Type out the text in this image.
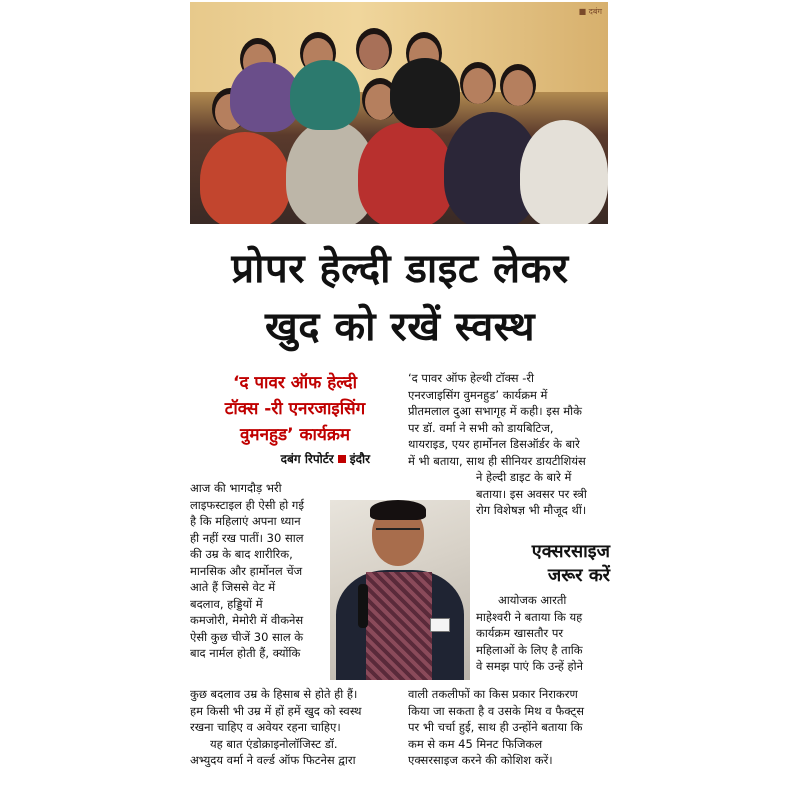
■ दबंग
प्रोपर हेल्दी डाइट लेकर
खुद को रखें स्वस्थ
‘द पावर ऑफ हेल्दी
टॉक्स -री एनरजाइसिंग
वुमनहुड’ कार्यक्रम
दबंग रिपोर्टर इंदौर

आज की भागदौड़ भरी

लाइफस्टाइल ही ऐसी हो गई

है कि महिलाएं अपना ध्यान

ही नहीं रख पातीं। 30 साल

की उम्र के बाद शारीरिक,

मानसिक और हार्मोनल चेंज

आते हैं जिससे वेट में

बदलाव, हड्डियों में

कमजोरी, मेमोरी में वीकनेस

ऐसी कुछ चीजें 30 साल के

बाद नार्मल होती हैं, क्योंकि

‘द पावर ऑफ हेल्थी टॉक्स -री

एनरजाइसिंग वुमनहुड’ कार्यक्रम में

प्रीतमलाल दुआ सभागृह में कही। इस मौके

पर डॉ. वर्मा ने सभी को डायबिटिज,

थायराइड, एयर हार्मोनल डिसऑर्डर के बारे

में भी बताया, साथ ही सीनियर डायटीशियंस

ने हेल्दी डाइट के बारे में

बताया। इस अवसर पर स्त्री

रोग विशेषज्ञ भी मौजूद थीं।

एक्सरसाइज
जरूर करें

आयोजक आरती

माहेश्वरी ने बताया कि यह

कार्यक्रम खासतौर पर

महिलाओं के लिए है ताकि

वे समझ पाएं कि उन्हें होने

कुछ बदलाव उम्र के हिसाब से होते ही हैं।

हम किसी भी उम्र में हों हमें खुद को स्वस्थ

रखना चाहिए व अवेयर रहना चाहिए।

यह बात एंडोक्राइनोलॉजिस्ट डॉ.

अभ्युदय वर्मा ने वर्ल्ड ऑफ फिटनेस द्वारा

वाली तकलीफों का किस प्रकार निराकरण

किया जा सकता है व उसके मिथ व फैक्ट्स

पर भी चर्चा हुई, साथ ही उन्होंने बताया कि

कम से कम 45 मिनट फिजिकल

एक्सरसाइज करने की कोशिश करें।
